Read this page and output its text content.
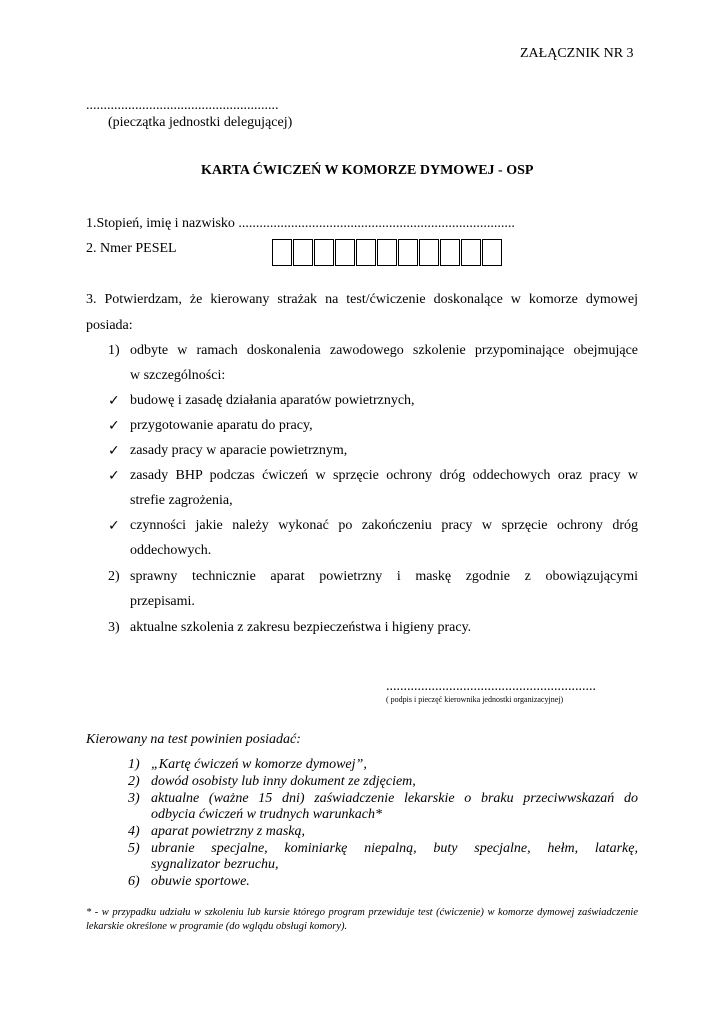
ZAŁĄCZNIK NR 3
.......................................................
(pieczątka jednostki delegującej)
KARTA ĆWICZEŃ W KOMORZE DYMOWEJ - OSP
1.Stopień, imię i nazwisko ...............................................................................
2. Nmer PESEL
3. Potwierdzam, że kierowany strażak na test/ćwiczenie doskonalące w komorze dymowej
posiada:
1) odbyte w ramach doskonalenia zawodowego szkolenie przypominające obejmujące
w szczególności:
✓ budowę i zasadę działania aparatów powietrznych,
✓ przygotowanie aparatu do pracy,
✓ zasady pracy w aparacie powietrznym,
✓ zasady BHP podczas ćwiczeń w sprzęcie ochrony dróg oddechowych oraz pracy w
strefie zagrożenia,
✓ czynności jakie należy wykonać po zakończeniu pracy w sprzęcie ochrony dróg
oddechowych.
2) sprawny technicznie aparat powietrzny i maskę zgodnie z obowiązującymi
przepisami.
3) aktualne szkolenia z zakresu bezpieczeństwa i higieny pracy.
............................................................
( podpis i pieczęć kierownika jednostki organizacyjnej)
Kierowany na test powinien posiadać:
1) „Kartę ćwiczeń w komorze dymowej”,
2) dowód osobisty lub inny dokument ze zdjęciem,
3) aktualne (ważne 15 dni) zaświadczenie lekarskie o braku przeciwwskazań do
odbycia ćwiczeń w trudnych warunkach*
4) aparat powietrzny z maską,
5) ubranie specjalne, kominiarkę niepalną, buty specjalne, hełm, latarkę,
sygnalizator bezruchu,
6) obuwie sportowe.
* - w przypadku udziału w szkoleniu lub kursie którego program przewiduje test (ćwiczenie) w komorze dymowej zaświadczenie lekarskie określone w programie (do wglądu obsługi komory).
